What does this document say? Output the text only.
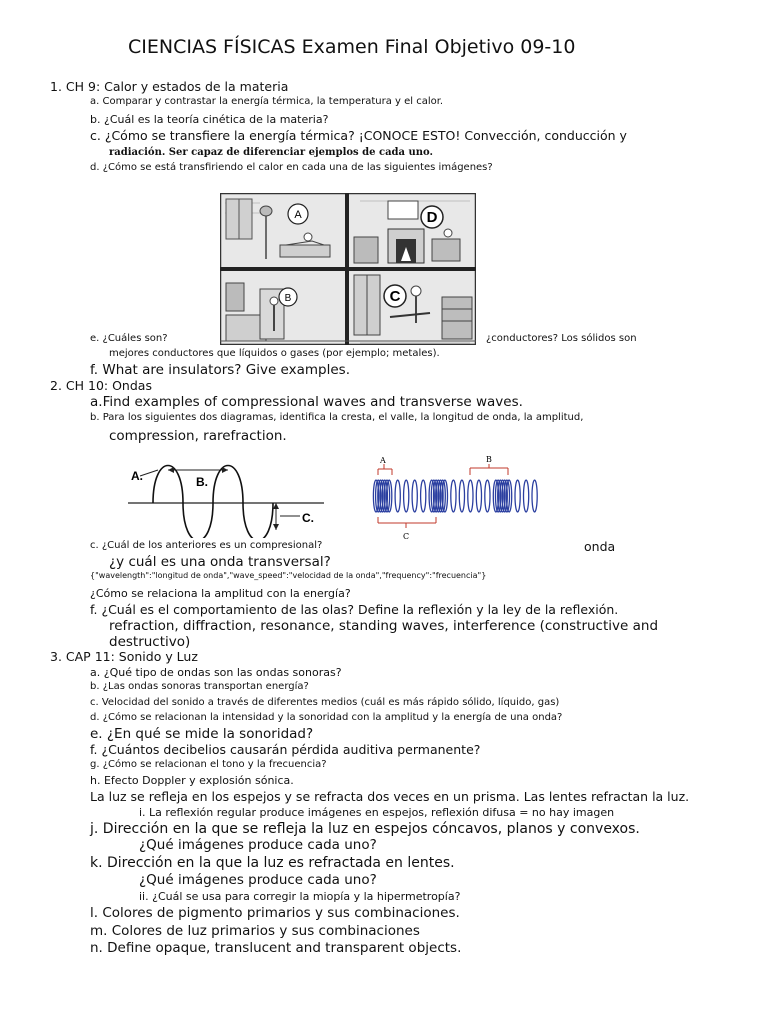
CIENCIAS FÍSICAS Examen Final Objetivo 09-10
1. CH 9: Calor y estados de la materia
a. Comparar y contrastar la energía térmica, la temperatura y el calor.
b. ¿Cuál es la teoría cinética de la materia?
c. ¿Cómo se transfiere la energía térmica? ¡CONOCE ESTO! Convección, conducción y
radiación. Ser capaz de diferenciar ejemplos de cada uno.
d. ¿Cómo se está transfiriendo el calor en cada una de las siguientes imágenes?
A	D
B	C
e. ¿Cuáles son?	¿conductores? Los sólidos son
mejores conductores que líquidos o gases (por ejemplo; metales).
f. What are insulators? Give examples.
2. CH 10: Ondas
a.Find examples of compressional waves and transverse waves.
b. Para los siguientes dos diagramas, identifica la cresta, el valle, la longitud de onda, la amplitud,
compression, rarefraction.
A.	B.
C.
A	B
C
c. ¿Cuál de los anteriores es un compresional?	onda
¿y cuál es una onda transversal?
{"wavelength":"longitud de onda","wave_speed":"velocidad de la onda","frequency":"frecuencia"}
¿Cómo se relaciona la amplitud con la energía?
f. ¿Cuál es el comportamiento de las olas? Define la reflexión y la ley de la reflexión.
refraction, diffraction, resonance, standing waves, interference (constructive and
destructivo)
3. CAP 11: Sonido y Luz
a. ¿Qué tipo de ondas son las ondas sonoras?
b. ¿Las ondas sonoras transportan energía?
c. Velocidad del sonido a través de diferentes medios (cuál es más rápido sólido, líquido, gas)
d. ¿Cómo se relacionan la intensidad y la sonoridad con la amplitud y la energía de una onda?
e. ¿En qué se mide la sonoridad?
f. ¿Cuántos decibelios causarán pérdida auditiva permanente?
g. ¿Cómo se relacionan el tono y la frecuencia?
h. Efecto Doppler y explosión sónica.
La luz se refleja en los espejos y se refracta dos veces en un prisma. Las lentes refractan la luz.
i. La reflexión regular produce imágenes en espejos, reflexión difusa = no hay imagen
j. Dirección en la que se refleja la luz en espejos cóncavos, planos y convexos.
¿Qué imágenes produce cada uno?
k. Dirección en la que la luz es refractada en lentes.
¿Qué imágenes produce cada uno?
ii. ¿Cuál se usa para corregir la miopía y la hipermetropía?
l. Colores de pigmento primarios y sus combinaciones.
m. Colores de luz primarios y sus combinaciones
n. Define opaque, translucent and transparent objects.
